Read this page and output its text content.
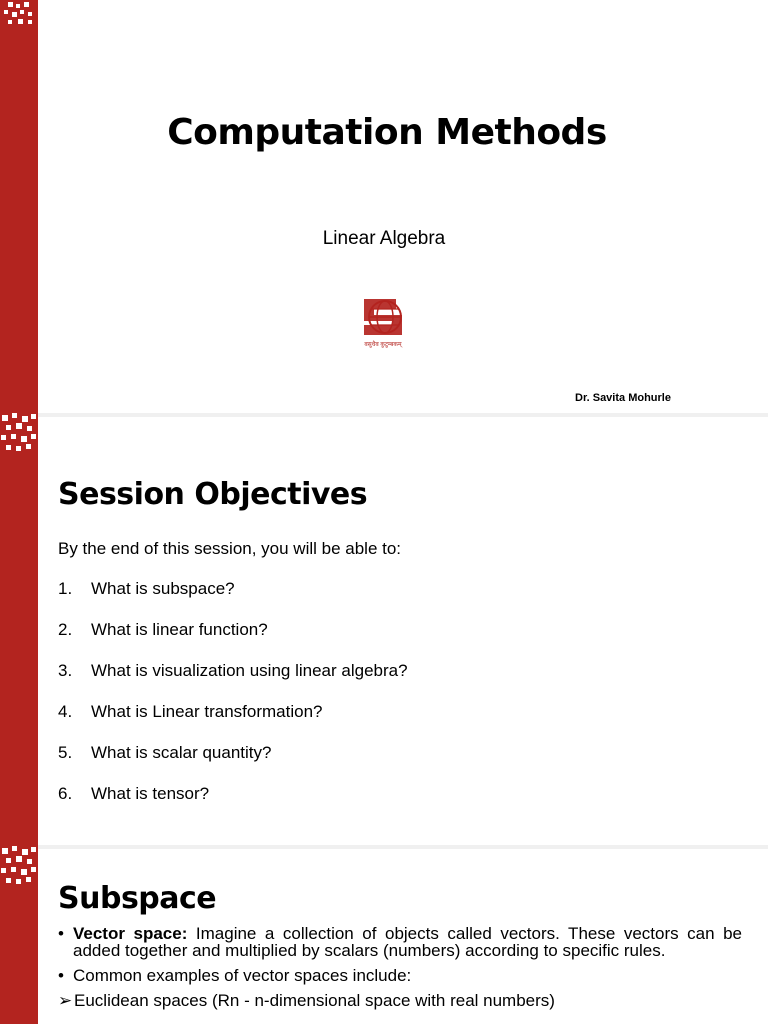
Computation Methods
Linear Algebra
वसुधैव कुटुम्बकम्
Dr. Savita Mohurle
Session Objectives
By the end of this session, you will be able to:
1.	What is subspace?
2.	What is linear function?
3.	What is visualization using linear algebra?
4.	What is Linear transformation?
5.	What is scalar quantity?
6.	What is tensor?
Subspace
• Vector space: Imagine a collection of objects called vectors. These vectors can be added together and multiplied by scalars (numbers) according to specific rules.
• Common examples of vector spaces include:
➢ Euclidean spaces (Rn - n-dimensional space with real numbers)
